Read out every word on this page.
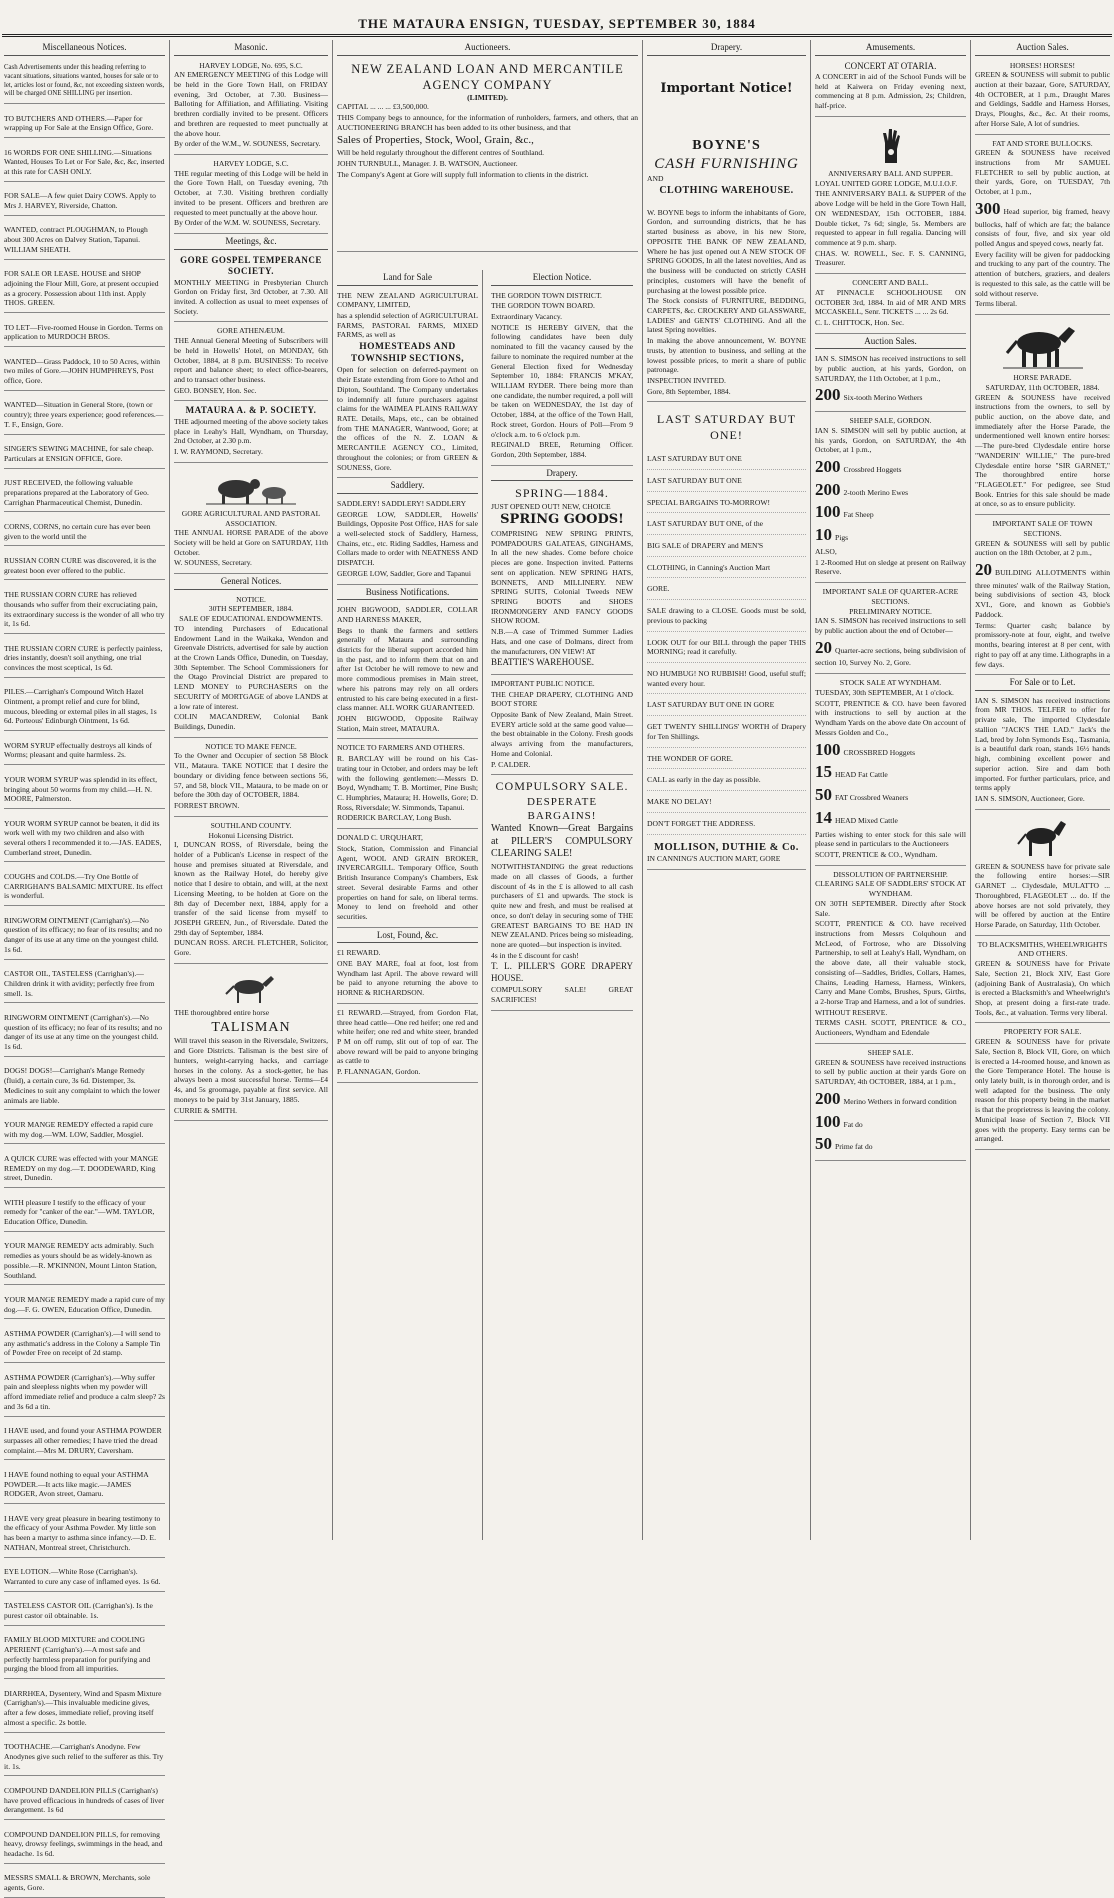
THE MATAURA ENSIGN, TUESDAY, SEPTEMBER 30, 1884
Miscellaneous Notices.

Cash Advertisements under this heading referring to vacant situations, situations wanted, houses for sale or to let, articles lost or found, &c, not exceeding sixteen words, will be charged ONE SHILLING per insertion.

TO BUTCHERS AND OTHERS.—Paper for wrapping up For Sale at the Ensign Office, Gore.

16 WORDS FOR ONE SHILLING.—Situations Wanted, Houses To Let or For Sale, &c, &c, inserted at this rate for CASH ONLY.

FOR SALE—A few quiet Dairy COWS. Apply to Mrs J. HARVEY, Riverside, Chatton.

WANTED, contract PLOUGHMAN, to Plough about 300 Acres on Dalvey Station, Tapanui. WILLIAM SHEATH.

FOR SALE OR LEASE. HOUSE and SHOP adjoining the Flour Mill, Gore, at present occupied as a grocery. Possession about 11th inst. Apply THOS. GREEN.

TO LET—Five-roomed House in Gordon. Terms on application to MURDOCH BROS.

WANTED—Grass Paddock, 10 to 50 Acres, within two miles of Gore.—JOHN HUMPHREYS, Post office, Gore.

WANTED—Situation in General Store, (town or country); three years experience; good references.—T. F., Ensign, Gore.

SINGER'S SEWING MACHINE, for sale cheap. Particulars at ENSIGN OFFICE, Gore.

JUST RECEIVED, the following valuable preparations prepared at the Laboratory of Geo. Carrighan Pharmaceutical Chemist, Dunedin.

CORNS, CORNS, no certain cure has ever been given to the world until the

RUSSIAN CORN CURE was discovered, it is the greatest boon ever offered to the public.

THE RUSSIAN CORN CURE has relieved thousands who suffer from their excruciating pain, its extraordinary success is the wonder of all who try it, 1s 6d.

THE RUSSIAN CORN CURE is perfectly painless, dries instantly, doesn't soil anything, one trial convinces the most sceptical, 1s 6d.

PILES.—Carrighan's Compound Witch Hazel Ointment, a prompt relief and cure for blind, mucous, bleeding or external piles in all stages, 1s 6d. Porteous' Edinburgh Ointment, 1s 6d.

WORM SYRUP effectually destroys all kinds of Worms; pleasant and quite harmless. 2s.

YOUR WORM SYRUP was splendid in its effect, bringing about 50 worms from my child.—H. N. MOORE, Palmerston.

YOUR WORM SYRUP cannot be beaten, it did its work well with my two children and also with several others I recommended it to.—JAS. EADES, Cumberland street, Dunedin.

COUGHS and COLDS.—Try One Bottle of CARRIGHAN'S BALSAMIC MIXTURE. Its effect is wonderful.

RINGWORM OINTMENT (Carrighan's).—No question of its efficacy; no fear of its results; and no danger of its use at any time on the youngest child. 1s 6d.

CASTOR OIL, TASTELESS (Carrighan's).—Children drink it with avidity; perfectly free from smell. 1s.

RINGWORM OINTMENT (Carrighan's).—No question of its efficacy; no fear of its results; and no danger of its use at any time on the youngest child. 1s 6d.

DOGS! DOGS!—Carrighan's Mange Remedy (fluid), a certain cure, 3s 6d. Distemper, 3s. Medicines to suit any complaint to which the lower animals are liable.

YOUR MANGE REMEDY effected a rapid cure with my dog.—WM. LOW, Saddler, Mosgiel.

A QUICK CURE was effected with your MANGE REMEDY on my dog.—T. DOODEWARD, King street, Dunedin.

WITH pleasure I testify to the efficacy of your remedy for "canker of the ear."—WM. TAYLOR, Education Office, Dunedin.

YOUR MANGE REMEDY acts admirably. Such remedies as yours should be as widely-known as possible.—R. M'KINNON, Mount Linton Station, Southland.

YOUR MANGE REMEDY made a rapid cure of my dog.—F. G. OWEN, Education Office, Dunedin.

ASTHMA POWDER (Carrighan's).—I will send to any asthmatic's address in the Colony a Sample Tin of Powder Free on receipt of 2d stamp.

ASTHMA POWDER (Carrighan's).—Why suffer pain and sleepless nights when my powder will afford immediate relief and produce a calm sleep? 2s and 3s 6d a tin.

I HAVE used, and found your ASTHMA POWDER surpasses all other remedies; I have tried the dread complaint.—Mrs M. DRURY, Caversham.

I HAVE found nothing to equal your ASTHMA POWDER.—It acts like magic.—JAMES RODGER, Avon street, Oamaru.

I HAVE very great pleasure in bearing testimony to the efficacy of your Asthma Powder. My little son has been a martyr to asthma since infancy.—D. E. NATHAN, Montreal street, Christchurch.

EYE LOTION.—White Rose (Carrighan's). Warranted to cure any case of inflamed eyes. 1s 6d.

TASTELESS CASTOR OIL (Carrighan's). Is the purest castor oil obtainable. 1s.

FAMILY BLOOD MIXTURE and COOLING APERIENT (Carrighan's).—A most safe and perfectly harmless preparation for purifying and purging the blood from all impurities.

DIARRHŒA, Dysentery, Wind and Spasm Mixture (Carrighan's).—This invaluable medicine gives, after a few doses, immediate relief, proving itself almost a specific. 2s bottle.

TOOTHACHE.—Carrighan's Anodyne. Few Anodynes give such relief to the sufferer as this. Try it. 1s.

COMPOUND DANDELION PILLS (Carrighan's) have proved efficacious in hundreds of cases of liver derangement. 1s 6d

COMPOUND DANDELION PILLS, for removing heavy, drowsy feelings, swimmings in the head, and headache. 1s 6d.

MESSRS SMALL & BROWN, Merchants, sole agents, Gore.

Masonic.
HARVEY LODGE, No. 695, S.C.

AN EMERGENCY MEETING of this Lodge will be held in the Gore Town Hall, on FRIDAY evening, 3rd October, at 7.30. Business—Balloting for Affiliation, and Affiliating. Visiting brethren cordially invited to be present. Officers and brethren are requested to meet punctually at the above hour.

By order of the W.M., W. SOUNESS, Secretary.

HARVEY LODGE, S.C.

THE regular meeting of this Lodge will be held in the Gore Town Hall, on Tuesday evening, 7th October, at 7.30. Visiting brethren cordially invited to be present. Officers and brethren are requested to meet punctually at the above hour.

By Order of the W.M. W. SOUNESS, Secretary.

Meetings, &c.
GORE GOSPEL TEMPERANCE SOCIETY.

MONTHLY MEETING in Presbyterian Church Gordon on Friday first, 3rd October, at 7.30. All invited. A collection as usual to meet expenses of Society.

GORE ATHENÆUM.

THE Annual General Meeting of Subscribers will be held in Howells' Hotel, on MONDAY, 6th October, 1884, at 8 p.m. BUSINESS: To receive report and balance sheet; to elect office-bearers, and to transact other business.

GEO. BONSEY, Hon. Sec.

MATAURA A. & P. SOCIETY.

THE adjourned meeting of the above society takes place in Leahy's Hall, Wyndham, on Thursday, 2nd October, at 2.30 p.m.

I. W. RAYMOND, Secretary.

GORE AGRICULTURAL AND PASTORAL ASSOCIATION.

THE ANNUAL HORSE PARADE of the above Society will be held at Gore on SATURDAY, 11th October.

W. SOUNESS, Secretary.

General Notices.
NOTICE.
30TH SEPTEMBER, 1884.
SALE OF EDUCATIONAL ENDOWMENTS.

TO intending Purchasers of Educational Endowment Land in the Waikaka, Wendon and Greenvale Districts, advertised for sale by auction at the Crown Lands Office, Dunedin, on Tuesday, 30th September. The School Commissioners for the Otago Provincial District are prepared to LEND MONEY to PURCHASERS on the SECURITY of MORTGAGE of above LANDS at a low rate of interest.

COLIN MACANDREW, Colonial Bank Buildings, Dunedin.

NOTICE TO MAKE FENCE.

To the Owner and Occupier of section 58 Block VII., Mataura. TAKE NOTICE that I desire the boundary or dividing fence between sections 56, 57, and 58, block VII., Mataura, to be made on or before the 30th day of OCTOBER, 1884.

FORREST BROWN.

SOUTHLAND COUNTY.
Hokonui Licensing District.

I, DUNCAN ROSS, of Riversdale, being the holder of a Publican's License in respect of the house and premises situated at Riversdale, and known as the Railway Hotel, do hereby give notice that I desire to obtain, and will, at the next Licensing Meeting, to be holden at Gore on the 8th day of December next, 1884, apply for a transfer of the said license from myself to JOSEPH GREEN, Jun., of Riversdale. Dated the 29th day of September, 1884.

DUNCAN ROSS. ARCH. FLETCHER, Solicitor, Gore.

THE thoroughbred entire horse

TALISMAN

Will travel this season in the Riversdale, Switzers, and Gore Districts. Talisman is the best sire of hunters, weight-carrying hacks, and carriage horses in the colony. As a stock-getter, he has always been a most successful horse. Terms—£4 4s, and 5s groomage, payable at first service. All moneys to be paid by 31st January, 1885.

CURRIE & SMITH.

Auctioneers.
NEW ZEALAND LOAN AND MERCANTILE AGENCY COMPANY
(LIMITED).

CAPITAL ... ... ... £3,500,000.

THIS Company begs to announce, for the information of runholders, farmers, and others, that an AUCTIONEERING BRANCH has been added to its other business, and that

Sales of Properties, Stock, Wool, Grain, &c.,

Will be held regularly throughout the different centres of Southland.

JOHN TURNBULL, Manager. J. B. WATSON, Auctioneer.

The Company's Agent at Gore will supply full information to clients in the district.

Land for Sale

THE NEW ZEALAND AGRICULTURAL COMPANY, LIMITED,

has a splendid selection of AGRICULTURAL FARMS, PASTORAL FARMS, MIXED FARMS, as well as

HOMESTEADS AND TOWNSHIP SECTIONS,

Open for selection on deferred-payment on their Estate extending from Gore to Athol and Dipton, Southland. The Company undertakes to indemnify all future purchasers against claims for the WAIMEA PLAINS RAILWAY RATE. Details, Maps, etc., can be obtained from THE MANAGER, Wantwood, Gore; at the offices of the N. Z. LOAN & MERCANTILE AGENCY CO., Limited, throughout the colonies; or from GREEN & SOUNESS, Gore.

Saddlery.

SADDLERY! SADDLERY! SADDLERY

GEORGE LOW, SADDLER, Howells' Buildings, Opposite Post Office, HAS for sale a well-selected stock of Saddlery, Harness, Chains, etc., etc. Riding Saddles, Harness and Collars made to order with NEATNESS AND DISPATCH.

GEORGE LOW, Saddler, Gore and Tapanui

Business Notifications.

JOHN BIGWOOD, SADDLER, COLLAR AND HARNESS MAKER,

Begs to thank the farmers and settlers generally of Mataura and surrounding districts for the liberal support accorded him in the past, and to inform them that on and after 1st October he will remove to new and more commodious premises in Main street, where his patrons may rely on all orders entrusted to his care being executed in a first-class manner. ALL WORK GUARANTEED.

JOHN BIGWOOD, Opposite Railway Station, Main street, MATAURA.

NOTICE TO FARMERS AND OTHERS.

R. BARCLAY will be round on his Cas-trating tour in October, and orders may be left with the following gentlemen:—Messrs D. Boyd, Wyndham; T. B. Mortimer, Pine Bush; C. Humphries, Mataura; H. Howells, Gore; D. Ross, Riversdale; W. Simmonds, Tapanui.

RODERICK BARCLAY, Long Bush.

DONALD C. URQUHART,

Stock, Station, Commission and Financial Agent, WOOL AND GRAIN BROKER, INVERCARGILL. Temporary Office, South British Insurance Company's Chambers, Esk street. Several desirable Farms and other properties on hand for sale, on liberal terms. Money to lend on freehold and other securities.

Lost, Found, &c.

£1 REWARD.

ONE BAY MARE, foal at foot, lost from Wyndham last April. The above reward will be paid to anyone returning the above to HORNE & RICHARDSON.

£1 REWARD.—Strayed, from Gordon Flat, three head cattle—One red heifer; one red and white heifer; one red and white steer, branded P M on off rump, slit out of top of ear. The above reward will be paid to anyone bringing as cattle to

P. FLANNAGAN, Gordon.

Election Notice.

THE GORDON TOWN DISTRICT.

THE GORDON TOWN BOARD.

Extraordinary Vacancy.

NOTICE IS HEREBY GIVEN, that the following candidates have been duly nominated to fill the vacancy caused by the failure to nominate the required number at the General Election fixed for Wednesday September 10, 1884: FRANCIS M'KAY, WILLIAM RYDER. There being more than one candidate, the number required, a poll will be taken on WEDNESDAY, the 1st day of October, 1884, at the office of the Town Hall, Rock street, Gordon. Hours of Poll—From 9 o'clock a.m. to 6 o'clock p.m.

REGINALD BREE, Returning Officer. Gordon, 20th September, 1884.

Drapery.
SPRING—1884.

JUST OPENED OUT! NEW, CHOICE

SPRING GOODS!

COMPRISING NEW SPRING PRINTS, POMPADOURS GALATEAS, GINGHAMS, In all the new shades. Come before choice pieces are gone. Inspection invited. Patterns sent on application. NEW SPRING HATS, BONNETS, AND MILLINERY. NEW SPRING SUITS, Colonial Tweeds NEW SPRING BOOTS and SHOES IRONMONGERY AND FANCY GOODS SHOW ROOM.

N.B.—A case of Trimmed Summer Ladies Hats, and one case of Dolmans, direct from the manufacturers, ON VIEW! AT

BEATTIE'S WAREHOUSE.

IMPORTANT PUBLIC NOTICE.

THE CHEAP DRAPERY, CLOTHING AND BOOT STORE

Opposite Bank of New Zealand, Main Street. EVERY article sold at the same good value—the best obtainable in the Colony. Fresh goods always arriving from the manufacturers, Home and Colonial.

P. CALDER.

COMPULSORY SALE.
DESPERATE BARGAINS!

Wanted Known—Great Bargains at PILLER'S COMPULSORY CLEARING SALE!

NOTWITHSTANDING the great reductions made on all classes of Goods, a further discount of 4s in the £ is allowed to all cash purchasers of £1 and upwards. The stock is quite new and fresh, and must be realised at once, so don't delay in securing some of THE GREATEST BARGAINS TO BE HAD IN NEW ZEALAND. Prices being so misleading, none are quoted—but inspection is invited.

4s in the £ discount for cash!

T. L. PILLER'S GORE DRAPERY HOUSE.

COMPULSORY SALE! GREAT SACRIFICES!

Drapery.
Important Notice!
BOYNE'S
CASH FURNISHING

AND

CLOTHING WAREHOUSE.

W. BOYNE begs to inform the inhabitants of Gore, Gordon, and surrounding districts, that he has started business as above, in his new Store, OPPOSITE THE BANK OF NEW ZEALAND, Where he has just opened out A NEW STOCK OF SPRING GOODS, In all the latest novelties, And as the business will be conducted on strictly CASH principles, customers will have the benefit of purchasing at the lowest possible price.

The Stock consists of FURNITURE, BEDDING, CARPETS, &c. CROCKERY AND GLASSWARE, LADIES' and GENTS' CLOTHING. And all the latest Spring novelties.

In making the above announcement, W. BOYNE trusts, by attention to business, and selling at the lowest possible prices, to merit a share of public patronage.

INSPECTION INVITED.

Gore, 8th September, 1884.

LAST SATURDAY BUT ONE!

LAST SATURDAY BUT ONE

LAST SATURDAY BUT ONE

SPECIAL BARGAINS TO-MORROW!

LAST SATURDAY BUT ONE, of the

BIG SALE of DRAPERY and MEN'S

CLOTHING, in Canning's Auction Mart

GORE.

SALE drawing to a CLOSE. Goods must be sold, previous to packing

LOOK OUT for our BILL through the paper THIS MORNING; read it carefully.

NO HUMBUG! NO RUBBISH! Good, useful stuff; wanted every hour.

LAST SATURDAY BUT ONE IN GORE

GET TWENTY SHILLINGS' WORTH of Drapery for Ten Shillings.

THE WONDER OF GORE.

CALL as early in the day as possible.

MAKE NO DELAY!

DON'T FORGET THE ADDRESS.

MOLLISON, DUTHIE & Co.

IN CANNING'S AUCTION MART, GORE

Amusements.
CONCERT AT OTARIA.

A CONCERT in aid of the School Funds will be held at Kaiwera on Friday evening next, commencing at 8 p.m. Admission, 2s; Children, half-price.

ANNIVERSARY BALL AND SUPPER.

LOYAL UNITED GORE LODGE, M.U.I.O.F.

THE ANNIVERSARY BALL & SUPPER of the above Lodge will be held in the Gore Town Hall, ON WEDNESDAY, 15th OCTOBER, 1884. Double ticket, 7s 6d; single, 5s. Members are requested to appear in full regalia. Dancing will commence at 9 p.m. sharp.

CHAS. W. ROWELL, Sec. F. S. CANNING, Treasurer.

CONCERT AND BALL.

AT PINNACLE SCHOOLHOUSE ON OCTOBER 3rd, 1884. In aid of MR AND MRS MCCASKELL, Senr. TICKETS ... ... 2s 6d.

C. L. CHITTOCK, Hon. Sec.

Auction Sales.

IAN S. SIMSON has received instructions to sell by public auction, at his yards, Gordon, on SATURDAY, the 11th October, at 1 p.m.,

200 Six-tooth Merino Wethers

SHEEP SALE, GORDON.

IAN S. SIMSON will sell by public auction, at his yards, Gordon, on SATURDAY, the 4th October, at 1 p.m.,

200 Crossbred Hoggets

200 2-tooth Merino Ewes

100 Fat Sheep

10 Pigs

ALSO,

1 2-Roomed Hut on sledge at present on Railway Reserve.

IMPORTANT SALE OF QUARTER-ACRE SECTIONS.
PRELIMINARY NOTICE.

IAN S. SIMSON has received instructions to sell by public auction about the end of October—

20 Quarter-acre sections, being subdivision of section 10, Survey No. 2, Gore.

STOCK SALE AT WYNDHAM.

TUESDAY, 30th SEPTEMBER, At 1 o'clock.

SCOTT, PRENTICE & CO. have been favored with instructions to sell by auction at the Wyndham Yards on the above date On account of Messrs Golden and Co.,

100 CROSSBRED Hoggets

15 HEAD Fat Cattle

50 FAT Crossbred Weaners

14 HEAD Mixed Cattle

Parties wishing to enter stock for this sale will please send in particulars to the Auctioneers

SCOTT, PRENTICE & CO., Wyndham.

DISSOLUTION OF PARTNERSHIP.
CLEARING SALE OF SADDLERS' STOCK AT WYNDHAM.

ON 30TH SEPTEMBER. Directly after Stock Sale.

SCOTT, PRENTICE & CO. have received instructions from Messrs Colquhoun and McLeod, of Fortrose, who are Dissolving Partnership, to sell at Leahy's Hall, Wyndham, on the above date, all their valuable stock, consisting of—Saddles, Bridles, Collars, Hames, Chains, Leading Harness, Harness, Winkers, Carry and Mane Combs, Brushes, Spurs, Girths, a 2-horse Trap and Harness, and a lot of sundries.

WITHOUT RESERVE.

TERMS CASH. SCOTT, PRENTICE & CO., Auctioneers, Wyndham and Edendale

SHEEP SALE.

GREEN & SOUNESS have received instructions to sell by public auction at their yards Gore on SATURDAY, 4th OCTOBER, 1884, at 1 p.m.,

200 Merino Wethers in forward condition

100 Fat do

50 Prime fat do

Auction Sales.
HORSES! HORSES!

GREEN & SOUNESS will submit to public auction at their bazaar, Gore, SATURDAY, 4th OCTOBER, at 1 p.m., Draught Mares and Geldings, Saddle and Harness Horses, Drays, Ploughs, &c., &c. At their rooms, after Horse Sale, A lot of sundries.

FAT AND STORE BULLOCKS.

GREEN & SOUNESS have received instructions from Mr SAMUEL FLETCHER to sell by public auction, at their yards, Gore, on TUESDAY, 7th October, at 1 p.m.,

300 Head superior, big framed, heavy bullocks, half of which are fat; the balance consists of four, five, and six year old polled Angus and speyed cows, nearly fat.

Every facility will be given for paddocking and trucking to any part of the country. The attention of butchers, graziers, and dealers is requested to this sale, as the cattle will be sold without reserve.

Terms liberal.

HORSE PARADE.
SATURDAY, 11th OCTOBER, 1884.

GREEN & SOUNESS have received instructions from the owners, to sell by public auction, on the above date, and immediately after the Horse Parade, the undermentioned well known entire horses:—The pure-bred Clydesdale entire horse "WANDERIN' WILLIE," The pure-bred Clydesdale entire horse "SIR GARNET," The thoroughbred entire horse "FLAGEOLET." For pedigree, see Stud Book. Entries for this sale should be made at once, so as to ensure publicity.

IMPORTANT SALE OF TOWN SECTIONS.

GREEN & SOUNESS will sell by public auction on the 18th October, at 2 p.m.,

20 BUILDING ALLOTMENTS within three minutes' walk of the Railway Station, being subdivisions of section 43, block XVI., Gore, and known as Gobbie's Paddock.

Terms: Quarter cash; balance by promissory-note at four, eight, and twelve months, bearing interest at 8 per cent, with right to pay off at any time. Lithographs in a few days.

For Sale or to Let.

IAN S. SIMSON has received instructions from MR THOS. TELFER to offer for private sale, The imported Clydesdale stallion "JACK'S THE LAD." Jack's the Lad, bred by John Symonds Esq., Tasmania, is a beautiful dark roan, stands 16½ hands high, combining excellent power and superior action. Sire and dam both imported. For further particulars, price, and terms apply

IAN S. SIMSON, Auctioneer, Gore.

GREEN & SOUNESS have for private sale the following entire horses:—SIR GARNET ... Clydesdale, MULATTO ... Thoroughbred, FLAGEOLET ... do. If the above horses are not sold privately, they will be offered by auction at the Entire Horse Parade, on Saturday, 11th October.

TO BLACKSMITHS, WHEELWRIGHTS AND OTHERS.

GREEN & SOUNESS have for Private Sale, Section 21, Block XIV, East Gore (adjoining Bank of Australasia), On which is erected a Blacksmith's and Wheelwright's Shop, at present doing a first-rate trade. Tools, &c., at valuation. Terms very liberal.

PROPERTY FOR SALE.

GREEN & SOUNESS have for private Sale, Section 8, Block VII, Gore, on which is erected a 14-roomed house, and known as the Gore Temperance Hotel. The house is only lately built, is in thorough order, and is well adapted for the business. The only reason for this property being in the market is that the proprietress is leaving the colony. Municipal lease of Section 7, Block VII goes with the property. Easy terms can be arranged.
